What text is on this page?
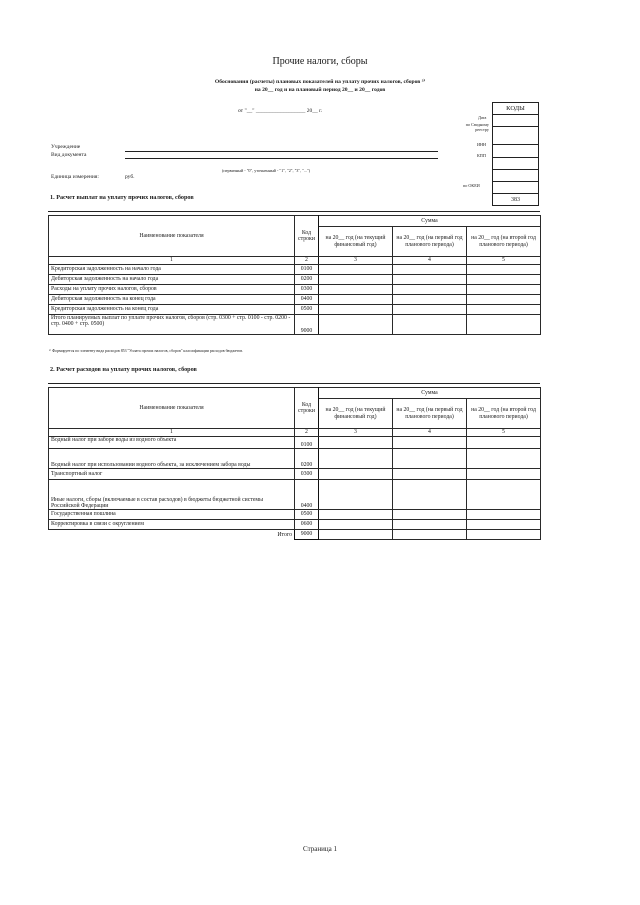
Прочие налоги, сборы
Обоснования (расчеты) плановых показателей на уплату прочих налогов, сборов ³⁾
на 20__ год и на плановый период 20__ и 20__ годов
от "__" __________________ 20__ г.
Дата
по Сводному реестру
ИНН
КПП
по ОКЕИ
КОДЫ

383
Учреждение
Вид документа
(первичный - "0", уточненный - "1", "2", "3", "...")
Единица измерения:	руб.
1. Расчет выплат на уплату прочих налогов, сборов
Наименование показателя	Код строки	Сумма		
		на 20__ год (на текущий финансовый год)	на 20__ год (на первый год планового периода)	на 20__ год (на второй год планового периода)
1	2	3	4	5
Кредиторская задолженность на начало года	0100			
Дебиторская задолженность на начало года	0200			
Расходы на уплату прочих налогов, сборов	0300			
Дебиторская задолженность на конец года	0400			
Кредиторская задолженность на конец года	0500			
Итого планируемых выплат по уплате прочих налогов, сборов (стр. 0300 + стр. 0100 - стр. 0200 - стр. 0400 + стр. 0500)	9000			
³⁾ Формируется по элементу вида расходов 853 "Уплата прочих налогов, сборов" классификации расходов бюджетов.
2. Расчет расходов на уплату прочих налогов, сборов
Наименование показателя	Код строки	Сумма		
		на 20__ год (на текущий финансовый год)	на 20__ год (на первый год планового периода)	на 20__ год (на второй год планового периода)
1	2	3	4	5
Водный налог при заборе воды из водного объекта	0100			
Водный налог при использовании водного объекта, за исключением забора воды	0200			
Транспортный налог	0300			
Иные налоги, сборы (включаемые в состав расходов) в бюджеты бюджетной системы Российской Федерации	0400			
Государственная пошлина	0500			
Корректировка в связи с округлением	0600			
Итого	9000			
Страница 1
